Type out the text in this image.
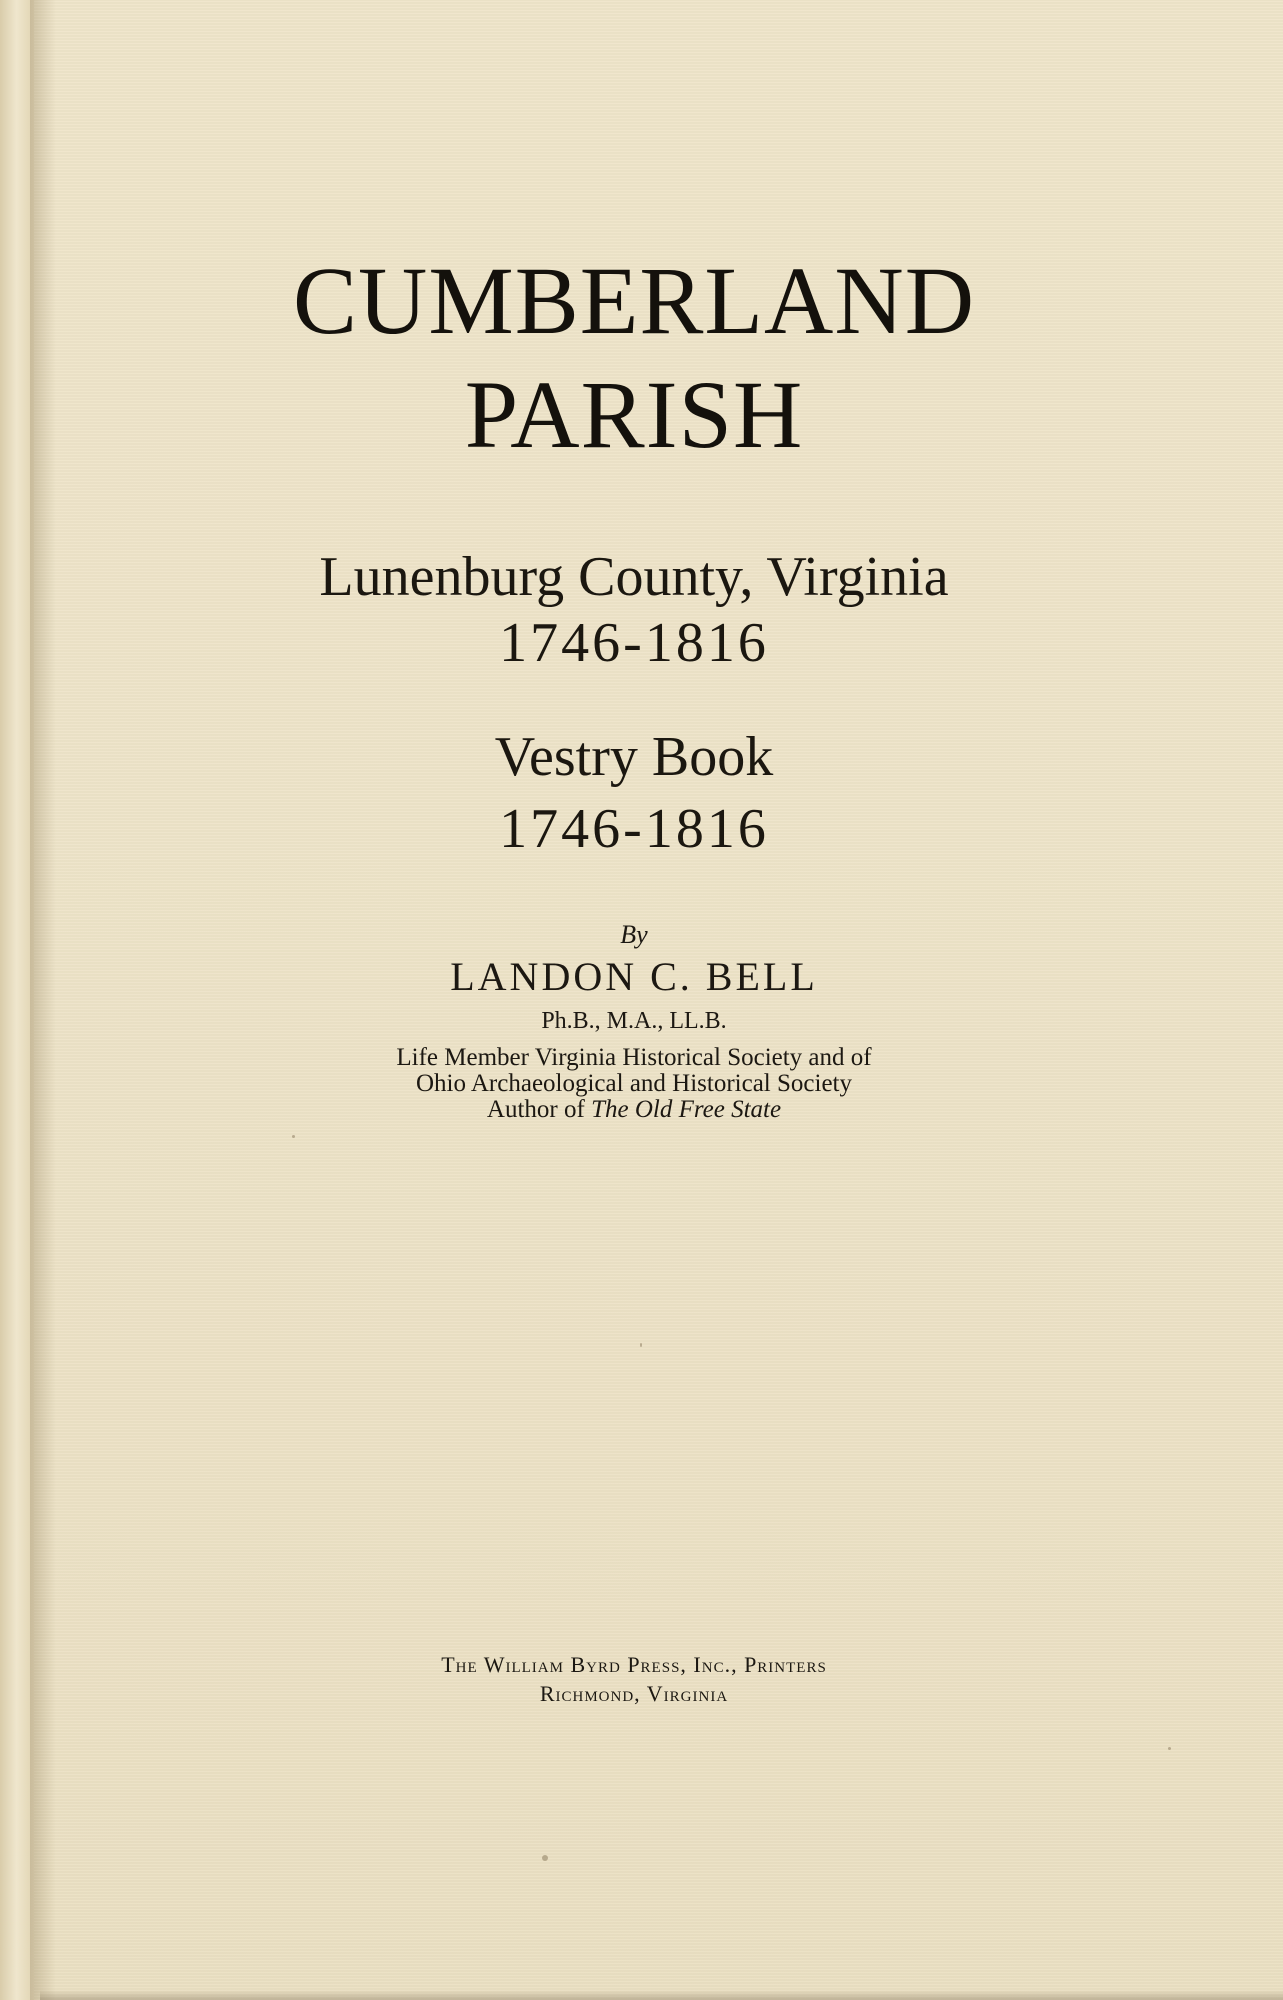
CUMBERLAND
PARISH
Lunenburg County, Virginia
1746-1816
Vestry Book
1746-1816
By
LANDON C. BELL
Ph.B., M.A., LL.B.
Life Member Virginia Historical Society and of
Ohio Archaeological and Historical Society
Author of The Old Free State
The William Byrd Press, Inc., Printers
Richmond, Virginia
